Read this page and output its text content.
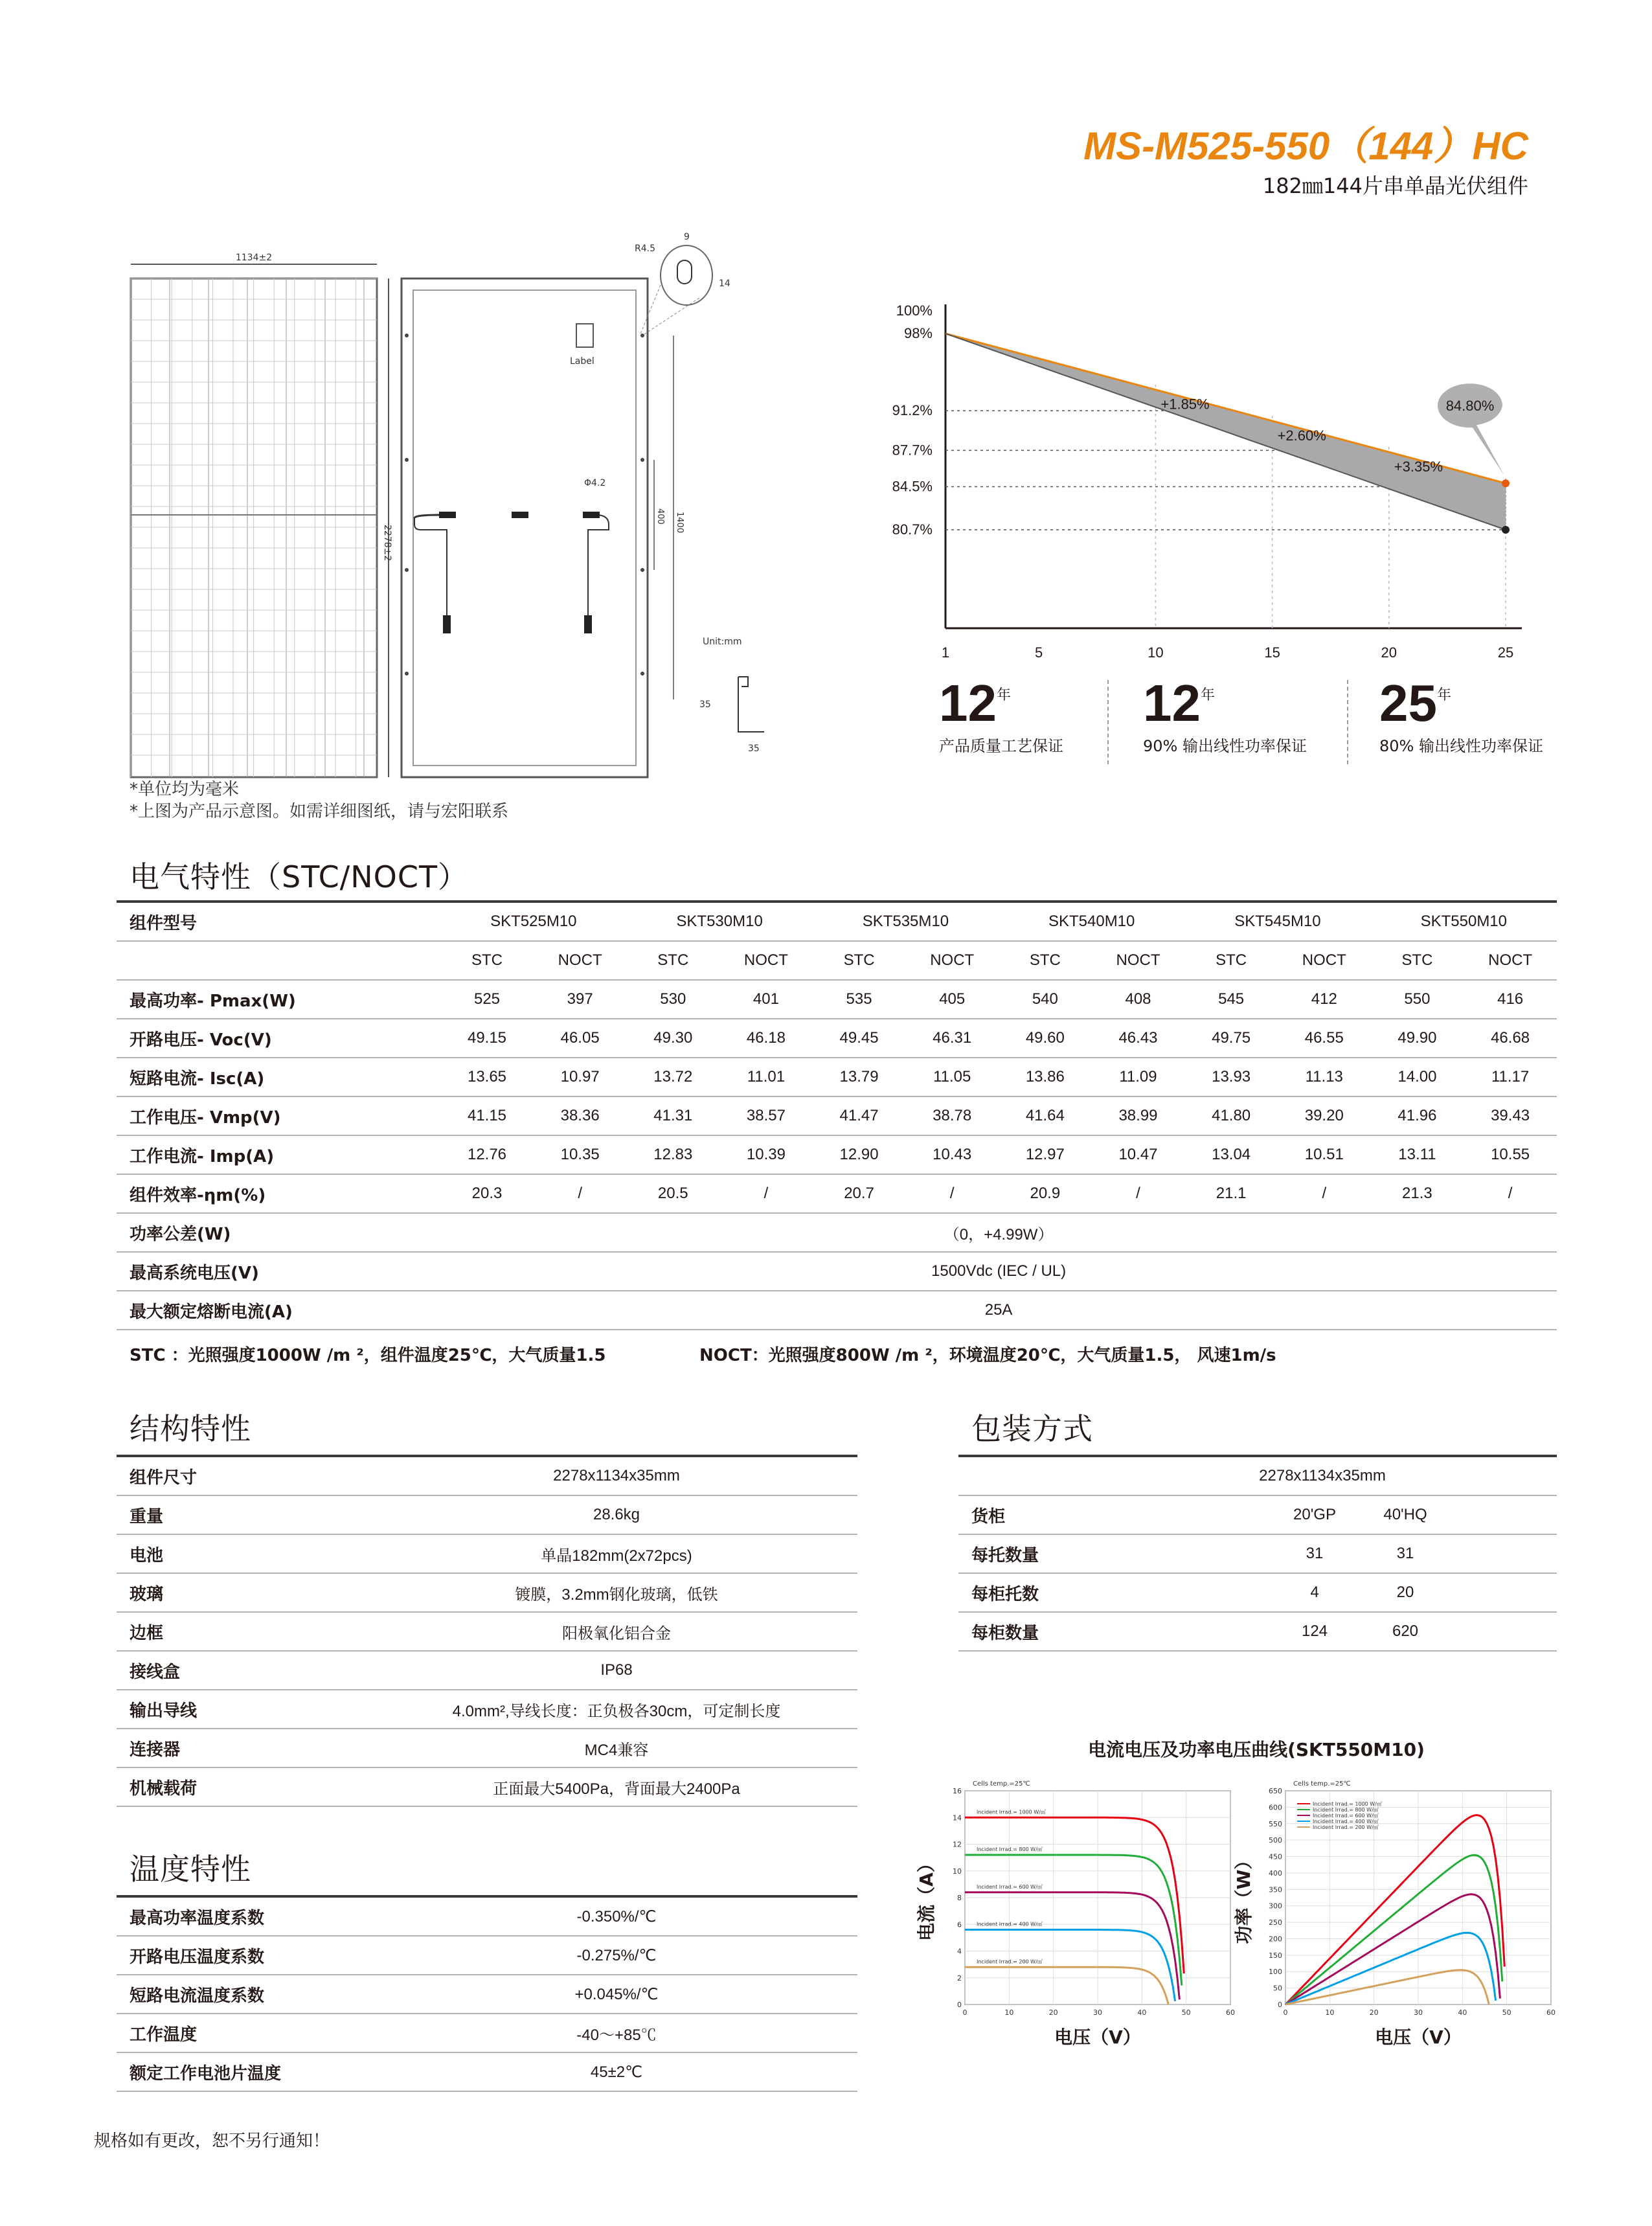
MS-M525-550（144）HC
182㎜144片串单晶光伏组件
1134±2
2278±2
Label
Φ4.2
400 1400
R4.5
9
14
Unit:mm
35
35
*单位均为毫米
*上图为产品示意图。如需详细图纸，请与宏阳联系
100%
98%
91.2%
87.7%
84.5%
80.7%
1	5	10	15	20	25
+1.85%
+2.60%
+3.35%
84.80%
12年
产品质量工艺保证
12年
90% 输出线性功率保证
25年
80% 输出线性功率保证
电气特性（STC/NOCT）
组件型号	SKT525M10		SKT530M10		SKT535M10		SKT540M10		SKT545M10		SKT550M10	
	STC	NOCT	STC	NOCT	STC	NOCT	STC	NOCT	STC	NOCT	STC	NOCT
最高功率- Pmax(W)	525	397	530	401	535	405	540	408	545	412	550	416
开路电压- Voc(V)	49.15	46.05	49.30	46.18	49.45	46.31	49.60	46.43	49.75	46.55	49.90	46.68
短路电流- Isc(A)	13.65	10.97	13.72	11.01	13.79	11.05	13.86	11.09	13.93	11.13	14.00	11.17
工作电压- Vmp(V)	41.15	38.36	41.31	38.57	41.47	38.78	41.64	38.99	41.80	39.20	41.96	39.43
工作电流- Imp(A)	12.76	10.35	12.83	10.39	12.90	10.43	12.97	10.47	13.04	10.51	13.11	10.55
组件效率-ηm(%)	20.3	/	20.5	/	20.7	/	20.9	/	21.1	/	21.3	/
功率公差(W)	（0，+4.99W）											
最高系统电压(V)	1500Vdc (IEC / UL)											
最大额定熔断电流(A)	25A											
STC ：光照强度1000W /m ²，组件温度25℃，大气质量1.5	NOCT：光照强度800W /m ²，环境温度20℃，大气质量1.5， 风速1m/s
结构特性
组件尺寸	2278x1134x35mm
重量	28.6kg
电池	单晶182mm(2x72pcs)
玻璃	镀膜，3.2mm钢化玻璃，低铁
边框	阳极氧化铝合金
接线盒	IP68
输出导线	4.0mm²,导线长度：正负极各30cm，可定制长度
连接器	MC4兼容
机械载荷	正面最大5400Pa，背面最大2400Pa
包装方式
2278x1134x35mm			
货柜	20'GP	40'HQ	
每托数量	31	31	
每柜托数	4	20	
每柜数量	124	620	
温度特性
最高功率温度系数	-0.350%/℃
开路电压温度系数	-0.275%/℃
短路电流温度系数	+0.045%/℃
工作温度	-40～+85℃
额定工作电池片温度	45±2℃
电流电压及功率电压曲线(SKT550M10)
0	10	20	30	40	50	60
0
2
4
6
8
10
12
14
16
Cells temp.=25℃
电压（V）
电流（A）
Incident Irrad.= 1000 W/㎡
Incident Irrad.= 800 W/㎡
Incident Irrad.= 600 W/㎡
Incident Irrad.= 400 W/㎡
Incident Irrad.= 200 W/㎡
0	10	20	30	40	50	60
0
50
100
150
200
250
300
350
400
450
500
550
600
650
Cells temp.=25℃
电压（V）
功率（W）
Incident Irrad.= 1000 W/㎡
Incident Irrad.= 800 W/㎡
Incident Irrad.= 600 W/㎡
Incident Irrad.= 400 W/㎡
Incident Irrad.= 200 W/㎡
规格如有更改，恕不另行通知！
